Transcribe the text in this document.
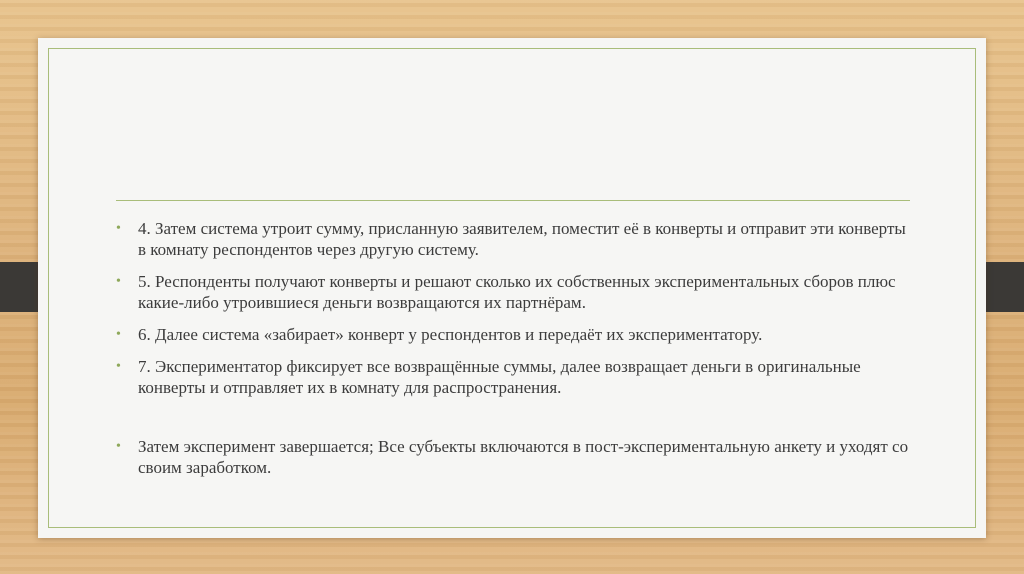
• 4. Затем система утроит сумму, присланную заявителем, поместит её в конверты и отправит эти конверты в комнату респондентов через другую систему.
• 5. Респонденты получают конверты и решают сколько их собственных экспериментальных сборов плюс какие-либо утроившиеся деньги возвращаются их партнёрам.
• 6. Далее система «забирает» конверт у респондентов и передаёт их экспериментатору.
• 7. Экспериментатор фиксирует все возвращённые суммы, далее возвращает деньги в оригинальные конверты и отправляет их в комнату для распространения.
• Затем эксперимент завершается; Все субъекты включаются в пост-экспериментальную анкету и уходят со своим заработком.
